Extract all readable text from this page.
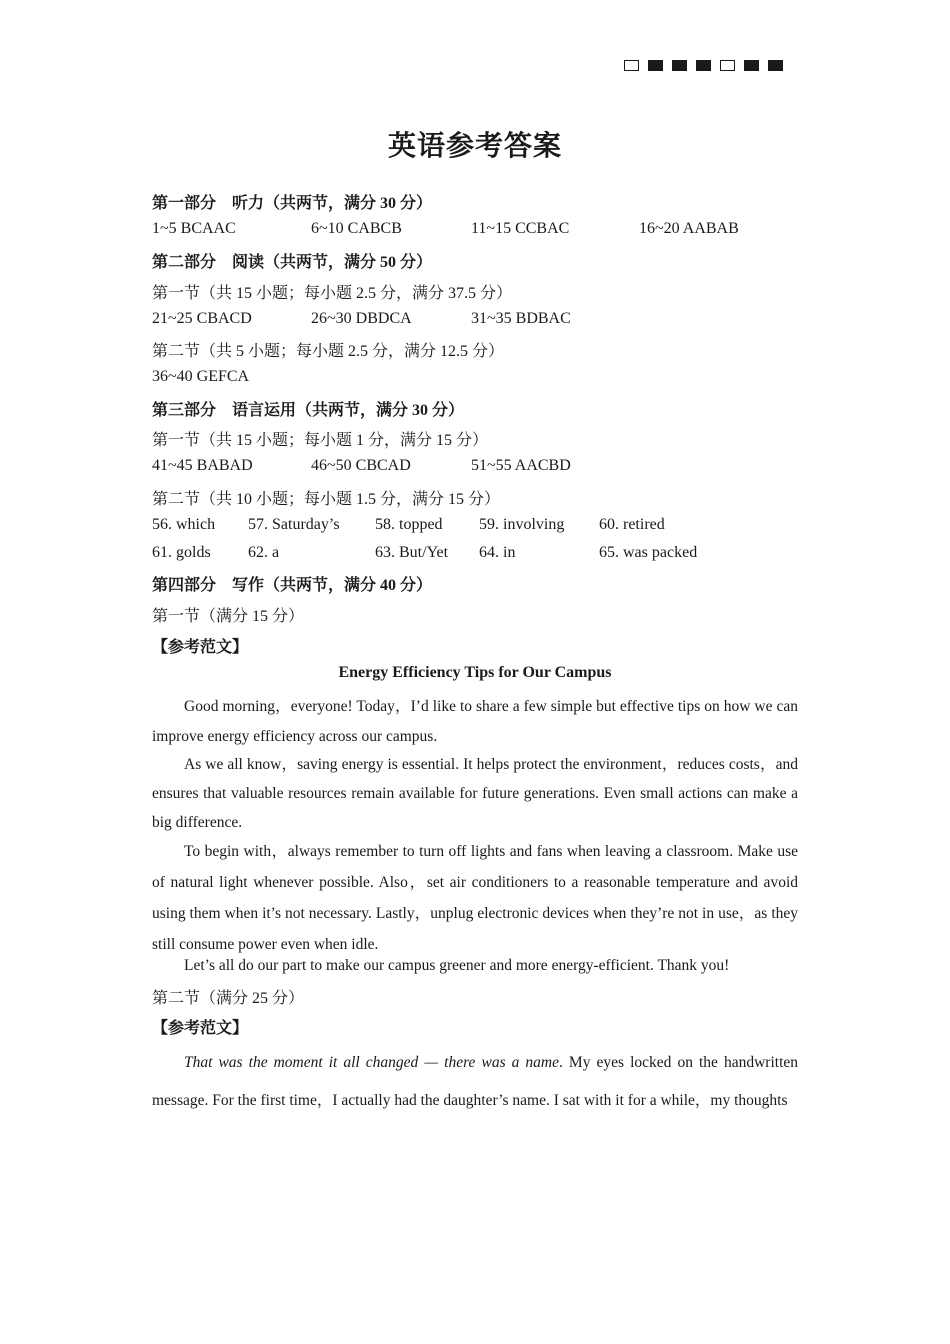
英语参考答案
第一部分　听力（共两节，满分 30 分）
1~5 BCAAC	6~10 CABCB	11~15 CCBAC	16~20 AABAB
第二部分　阅读（共两节，满分 50 分）
第一节（共 15 小题；每小题 2.5 分，满分 37.5 分）
21~25 CBACD	26~30 DBDCA	31~35 BDBAC
第二节（共 5 小题；每小题 2.5 分，满分 12.5 分）
36~40 GEFCA
第三部分　语言运用（共两节，满分 30 分）
第一节（共 15 小题；每小题 1 分，满分 15 分）
41~45 BABAD	46~50 CBCAD	51~55 AACBD
第二节（共 10 小题；每小题 1.5 分，满分 15 分）
56. which 57. Saturday’s 58. topped 59. involving 60. retired
61. golds 62. a	63. But/Yet 64. in	65. was packed
第四部分　写作（共两节，满分 40 分）
第一节（满分 15 分）
【参考范文】
Energy Efficiency Tips for Our Campus
Good morning，everyone! Today，I’d like to share a few simple but effective tips on how we can improve energy efficiency across our campus.
As we all know，saving energy is essential. It helps protect the environment，reduces costs，and ensures that valuable resources remain available for future generations. Even small actions can make a big difference.
To begin with，always remember to turn off lights and fans when leaving a classroom. Make use of natural light whenever possible. Also，set air conditioners to a reasonable temperature and avoid using them when it’s not necessary. Lastly，unplug electronic devices when they’re not in use，as they still consume power even when idle.
Let’s all do our part to make our campus greener and more energy-efficient. Thank you!
第二节（满分 25 分）
【参考范文】
That was the moment it all changed — there was a name. My eyes locked on the handwritten message. For the first time，I actually had the daughter’s name. I sat with it for a while，my thoughts
